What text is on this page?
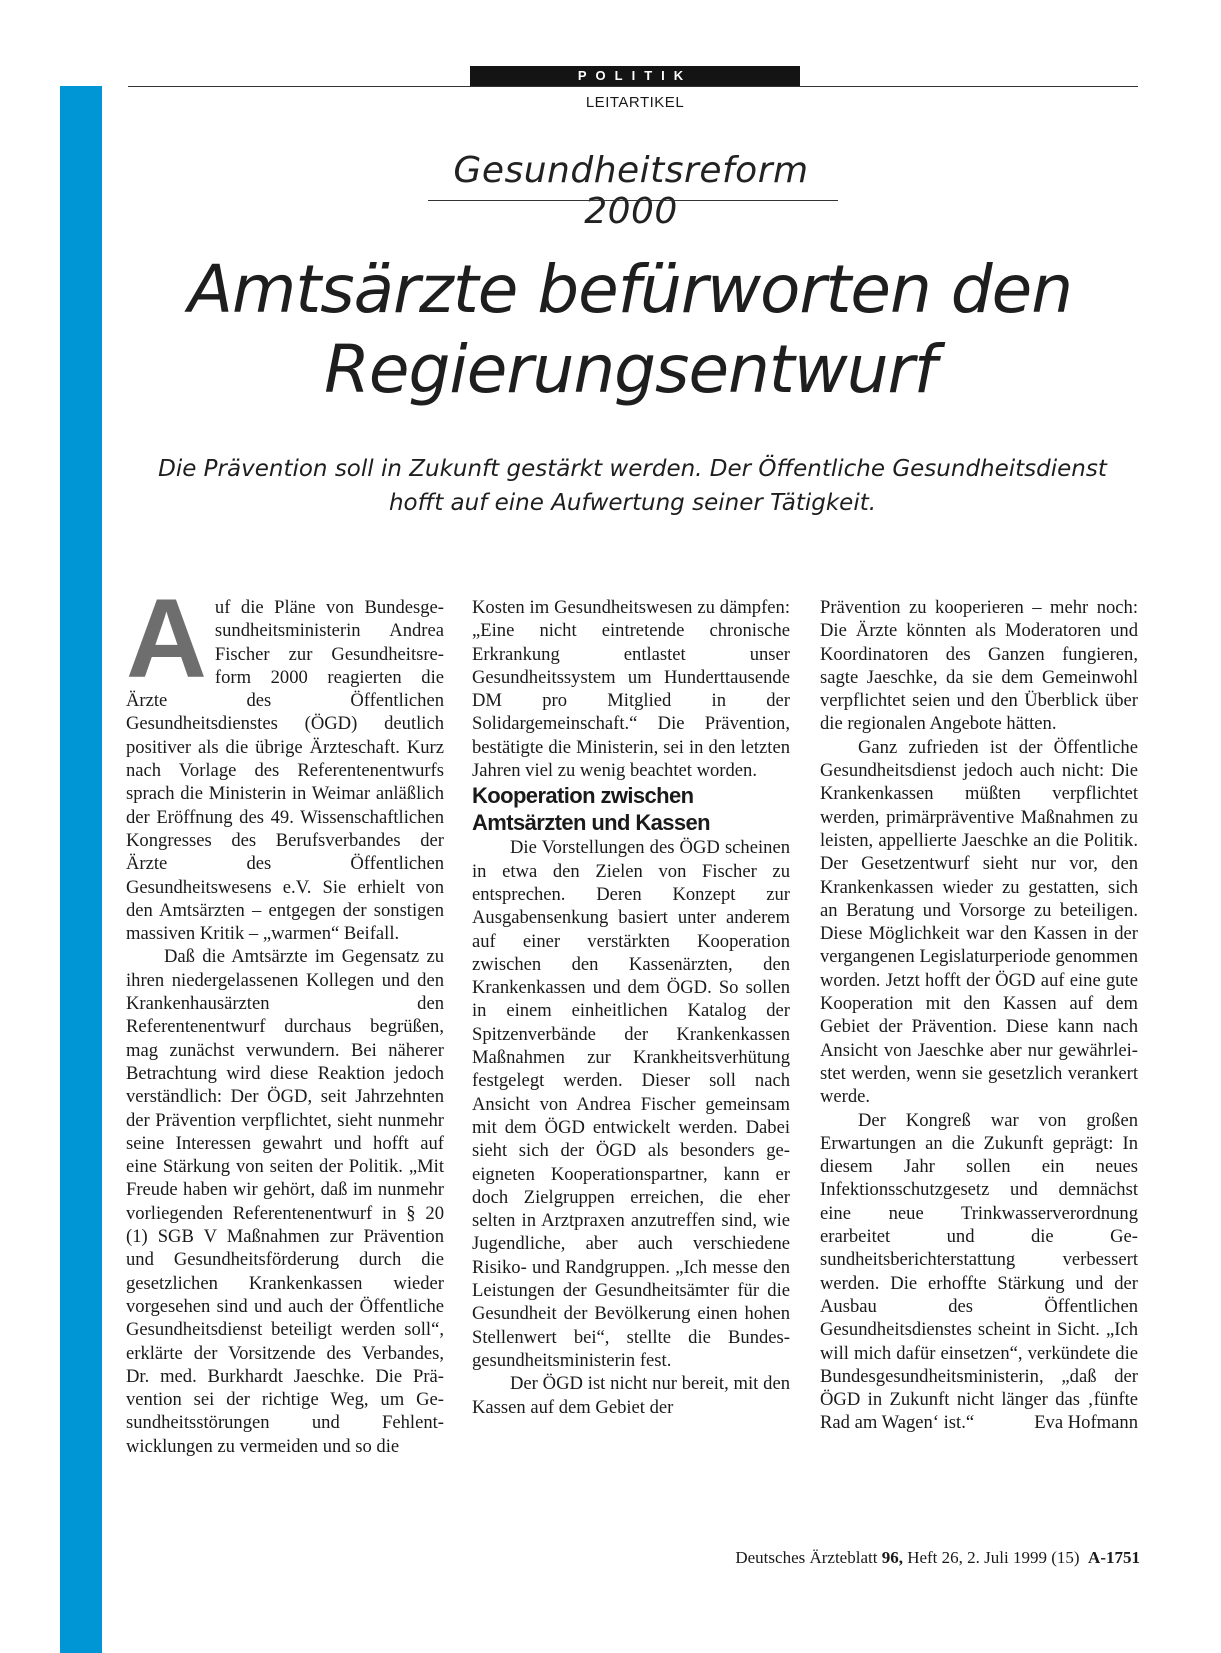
POLITIK
LEITARTIKEL
Gesundheitsreform 2000
Amtsärzte befürworten den
Regierungsentwurf
Die Prävention soll in Zukunft gestärkt werden. Der Öffentliche Gesundheitsdienst
hofft auf eine Aufwertung seiner Tätigkeit.

Auf die Pläne von Bundesgesundheitsministerin Andrea Fischer zur Gesundheitsreform 2000 reagierten die Ärzte des Öffentlichen Gesundheitsdienstes (ÖGD) deutlich positiver als die übrige Ärzteschaft. Kurz nach Vorlage des Referentenentwurfs sprach die Ministerin in Weimar anläßlich der Eröffnung des 49. Wissenschaftlichen Kongresses des Berufsverbandes der Ärzte des Öffentlichen Gesundheitswesens e.V. Sie erhielt von den Amtsärzten – entgegen der sonstigen massiven Kritik – „warmen“ Beifall.

Daß die Amtsärzte im Gegensatz zu ihren niedergelassenen Kollegen und den Krankenhausärzten den Referentenentwurf durchaus begrüßen, mag zunächst verwundern. Bei näherer Betrachtung wird diese Reaktion jedoch verständlich: Der ÖGD, seit Jahrzehnten der Prävention verpflichtet, sieht nunmehr seine Interessen gewahrt und hofft auf eine Stärkung von seiten der Politik. „Mit Freude haben wir gehört, daß im nunmehr vorliegenden Referentenentwurf in § 20 (1) SGB V Maßnahmen zur Prävention und Gesundheitsförderung durch die gesetzlichen Krankenkassen wieder vorgesehen sind und auch der Öffentliche Gesundheitsdienst beteiligt werden soll“, erklärte der Vorsitzende des Verbandes, Dr. med. Burkhardt Jaeschke. Die Prävention sei der richtige Weg, um Gesundheitsstörungen und Fehlentwicklungen zu vermeiden und so die

Kosten im Gesundheitswesen zu dämpfen: „Eine nicht eintretende chronische Erkrankung entlastet unser Gesundheitssystem um Hunderttausende DM pro Mitglied in der Solidargemeinschaft.“ Die Prävention, bestätigte die Ministerin, sei in den letzten Jahren viel zu wenig beachtet worden.

Kooperation zwischen
Amtsärzten und Kassen

Die Vorstellungen des ÖGD scheinen in etwa den Zielen von Fischer zu entsprechen. Deren Konzept zur Ausgabensenkung basiert unter anderem auf einer verstärkten Kooperation zwischen den Kassenärzten, den Krankenkassen und dem ÖGD. So sollen in einem einheitlichen Katalog der Spitzenverbände der Krankenkassen Maßnahmen zur Krankheitsverhütung festgelegt werden. Dieser soll nach Ansicht von Andrea Fischer gemeinsam mit dem ÖGD entwickelt werden. Dabei sieht sich der ÖGD als besonders geeigneten Kooperationspartner, kann er doch Zielgruppen erreichen, die eher selten in Arztpraxen anzutreffen sind, wie Jugendliche, aber auch verschiedene Risiko- und Randgruppen. „Ich messe den Leistungen der Gesundheitsämter für die Gesundheit der Bevölkerung einen hohen Stellenwert bei“, stellte die Bundesgesundheitsministerin fest.

Der ÖGD ist nicht nur bereit, mit den Kassen auf dem Gebiet der

Prävention zu kooperieren – mehr noch: Die Ärzte könnten als Moderatoren und Koordinatoren des Ganzen fungieren, sagte Jaeschke, da sie dem Gemeinwohl verpflichtet seien und den Überblick über die regionalen Angebote hätten.

Ganz zufrieden ist der Öffentliche Gesundheitsdienst jedoch auch nicht: Die Krankenkassen müßten verpflichtet werden, primärpräventive Maßnahmen zu leisten, appellierte Jaeschke an die Politik. Der Gesetzentwurf sieht nur vor, den Krankenkassen wieder zu gestatten, sich an Beratung und Vorsorge zu beteiligen. Diese Möglichkeit war den Kassen in der vergangenen Legislaturperiode genommen worden. Jetzt hofft der ÖGD auf eine gute Kooperation mit den Kassen auf dem Gebiet der Prävention. Diese kann nach Ansicht von Jaeschke aber nur gewährleistet werden, wenn sie gesetzlich verankert werde.

Der Kongreß war von großen Erwartungen an die Zukunft geprägt: In diesem Jahr sollen ein neues Infektionsschutzgesetz und demnächst eine neue Trinkwasserverordnung erarbeitet und die Gesundheitsberichterstattung verbessert werden. Die erhoffte Stärkung und der Ausbau des Öffentlichen Gesundheitsdienstes scheint in Sicht. „Ich will mich dafür einsetzen“, verkündete die Bundesgesundheitsministerin, „daß der ÖGD in Zukunft nicht länger das ‚fünfte Rad am Wagen‘ ist.“	Eva Hofmann

Deutsches Ärzteblatt 96, Heft 26, 2. Juli 1999 (15) A-1751
